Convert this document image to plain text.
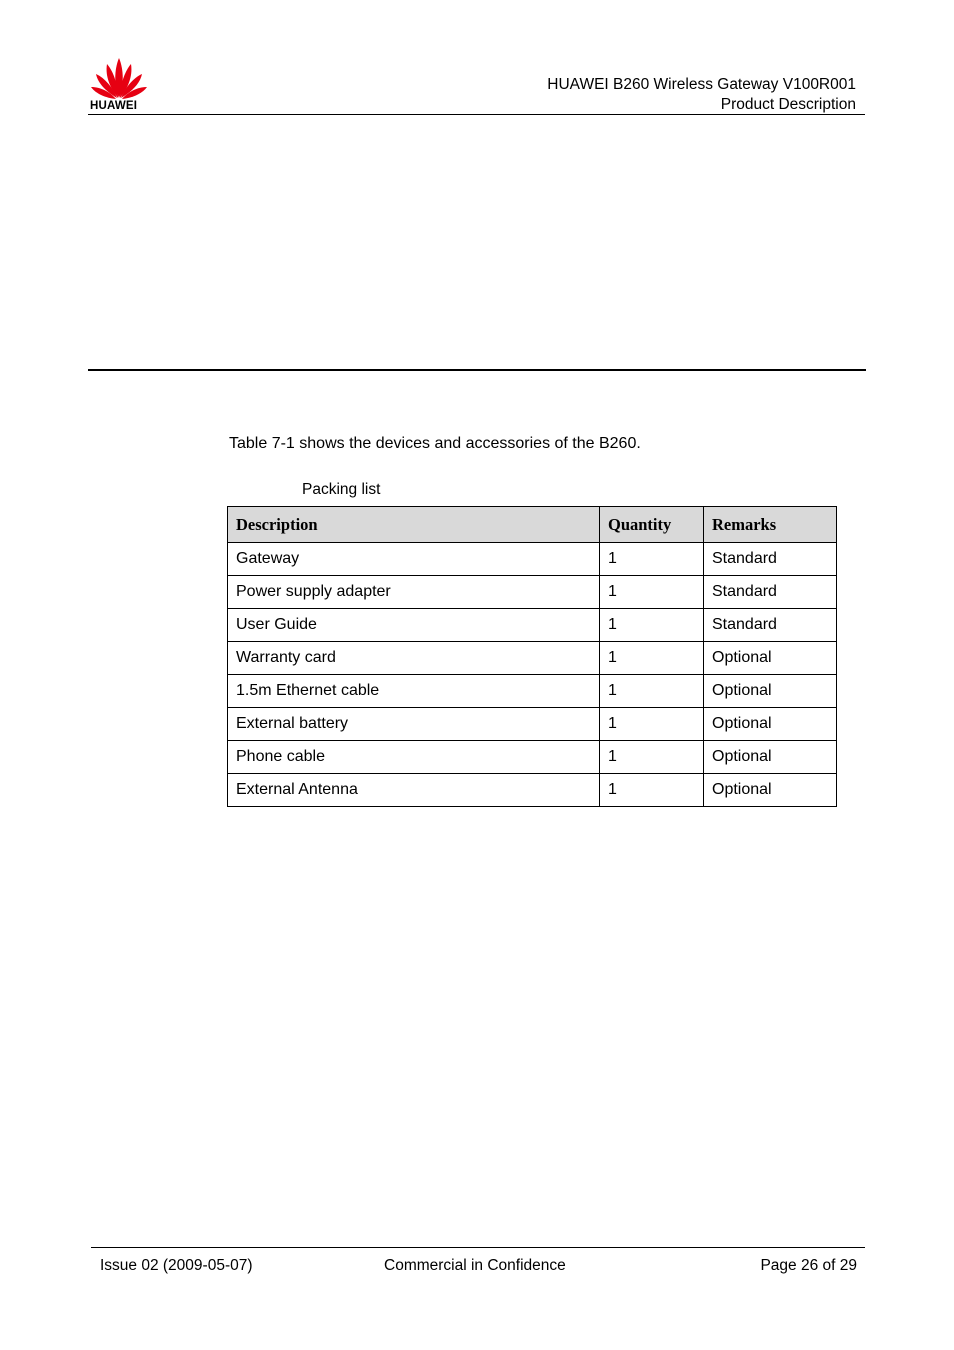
HUAWEI
HUAWEI B260 Wireless Gateway V100R001
Product Description
Table 7-1 shows the devices and accessories of the B260.
Packing list
Description	Quantity	Remarks
Gateway	1	Standard
Power supply adapter	1	Standard
User Guide	1	Standard
Warranty card	1	Optional
1.5m Ethernet cable	1	Optional
External battery	1	Optional
Phone cable	1	Optional
External Antenna	1	Optional
Issue 02 (2009-05-07)	Commercial in Confidence	Page 26 of 29
